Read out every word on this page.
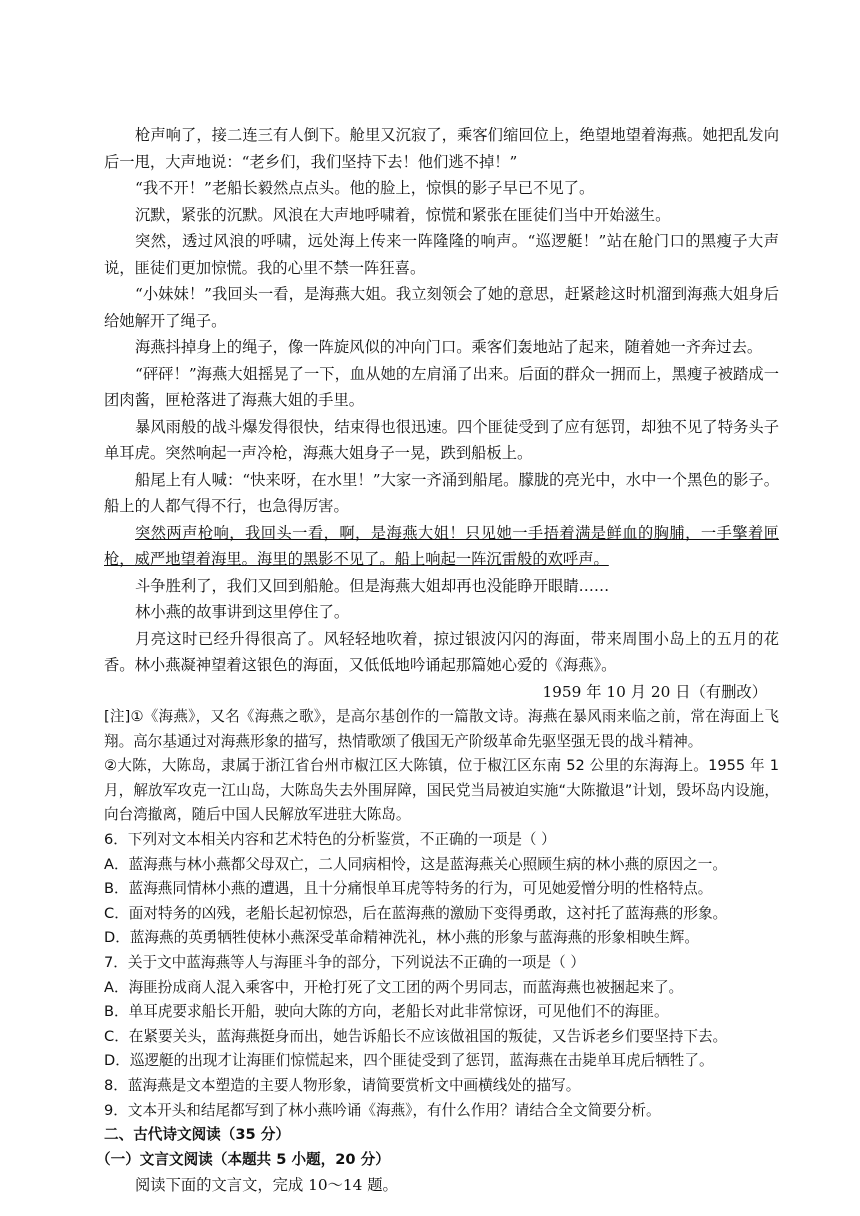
枪声响了，接二连三有人倒下。舱里又沉寂了，乘客们缩回位上，绝望地望着海燕。她把乱发向后一甩，大声地说：“老乡们，我们坚持下去！他们逃不掉！”

“我不开！”老船长毅然点点头。他的脸上，惊惧的影子早已不见了。

沉默，紧张的沉默。风浪在大声地呼啸着，惊慌和紧张在匪徒们当中开始滋生。

突然，透过风浪的呼啸，远处海上传来一阵隆隆的响声。“巡逻艇！”站在舱门口的黑瘦子大声说，匪徒们更加惊慌。我的心里不禁一阵狂喜。

“小妹妹！”我回头一看，是海燕大姐。我立刻领会了她的意思，赶紧趁这时机溜到海燕大姐身后给她解开了绳子。

海燕抖掉身上的绳子，像一阵旋风似的冲向门口。乘客们轰地站了起来，随着她一齐奔过去。

“砰砰！”海燕大姐摇晃了一下，血从她的左肩涌了出来。后面的群众一拥而上，黑瘦子被踏成一团肉酱，匣枪落进了海燕大姐的手里。

暴风雨般的战斗爆发得很快，结束得也很迅速。四个匪徒受到了应有惩罚，却独不见了特务头子单耳虎。突然响起一声冷枪，海燕大姐身子一晃，跌到船板上。

船尾上有人喊：“快来呀，在水里！”大家一齐涌到船尾。朦胧的亮光中，水中一个黑色的影子。船上的人都气得不行，也急得厉害。

突然两声枪响，我回头一看，啊，是海燕大姐！只见她一手捂着满是鲜血的胸脯，一手擎着匣枪，威严地望着海里。海里的黑影不见了。船上响起一阵沉雷般的欢呼声。

斗争胜利了，我们又回到船舱。但是海燕大姐却再也没能睁开眼睛……

林小燕的故事讲到这里停住了。

月亮这时已经升得很高了。风轻轻地吹着，掠过银波闪闪的海面，带来周围小岛上的五月的花香。林小燕凝神望着这银色的海面，又低低地吟诵起那篇她心爱的《海燕》。

1959 年 10 月 20 日（有删改）

[注]①《海燕》，又名《海燕之歌》，是高尔基创作的一篇散文诗。海燕在暴风雨来临之前，常在海面上飞翔。高尔基通过对海燕形象的描写，热情歌颂了俄国无产阶级革命先驱坚强无畏的战斗精神。

②大陈，大陈岛，隶属于浙江省台州市椒江区大陈镇，位于椒江区东南 52 公里的东海海上。1955 年 1 月，解放军攻克一江山岛，大陈岛失去外围屏障，国民党当局被迫实施“大陈撤退”计划，毁坏岛内设施，向台湾撤离，随后中国人民解放军进驻大陈岛。

6．下列对文本相关内容和艺术特色的分析鉴赏，不正确的一项是（ ）

A．蓝海燕与林小燕都父母双亡，二人同病相怜，这是蓝海燕关心照顾生病的林小燕的原因之一。

B．蓝海燕同情林小燕的遭遇，且十分痛恨单耳虎等特务的行为，可见她爱憎分明的性格特点。

C．面对特务的凶残，老船长起初惊恐，后在蓝海燕的激励下变得勇敢，这衬托了蓝海燕的形象。

D．蓝海燕的英勇牺牲使林小燕深受革命精神洗礼，林小燕的形象与蓝海燕的形象相映生辉。

7．关于文中蓝海燕等人与海匪斗争的部分，下列说法不正确的一项是（ ）

A．海匪扮成商人混入乘客中，开枪打死了文工团的两个男同志，而蓝海燕也被捆起来了。

B．单耳虎要求船长开船，驶向大陈的方向，老船长对此非常惊讶，可见他们不的海匪。

C．在紧要关头，蓝海燕挺身而出，她告诉船长不应该做祖国的叛徒，又告诉老乡们要坚持下去。

D．巡逻艇的出现才让海匪们惊慌起来，四个匪徒受到了惩罚，蓝海燕在击毙单耳虎后牺牲了。

8．蓝海燕是文本塑造的主要人物形象，请简要赏析文中画横线处的描写。

9．文本开头和结尾都写到了林小燕吟诵《海燕》，有什么作用？请结合全文简要分析。

二、古代诗文阅读（35 分）

（一）文言文阅读（本题共 5 小题，20 分）

阅读下面的文言文，完成 10～14 题。
